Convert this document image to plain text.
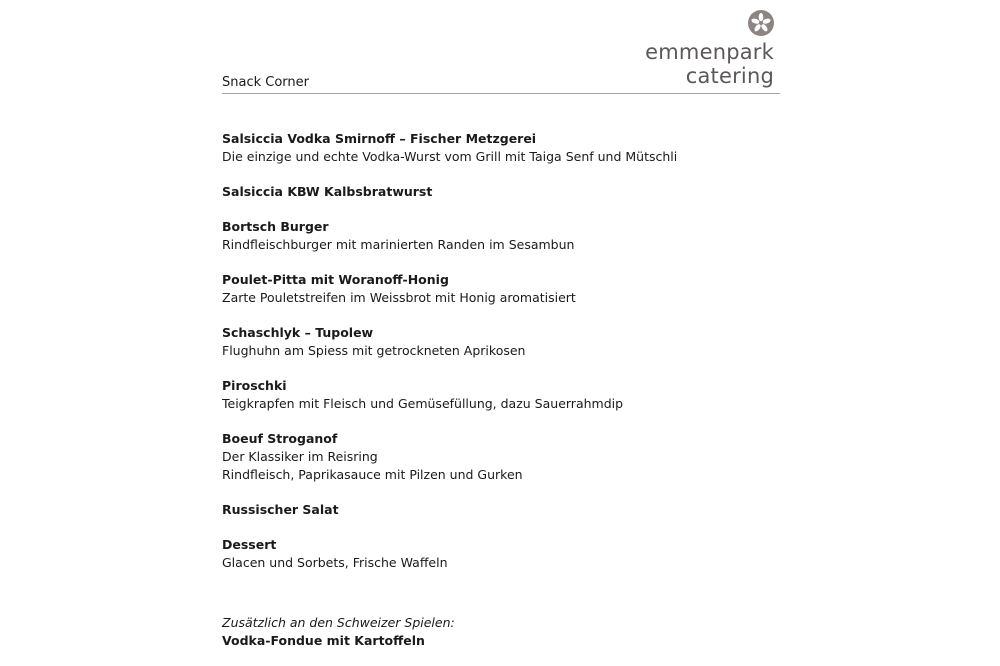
emmenpark
catering
Snack Corner
Salsiccia Vodka Smirnoff – Fischer Metzgerei
Die einzige und echte Vodka-Wurst vom Grill mit Taiga Senf und Mütschli
Salsiccia KBW Kalbsbratwurst
Bortsch Burger
Rindfleischburger mit marinierten Randen im Sesambun
Poulet-Pitta mit Woranoff-Honig
Zarte Pouletstreifen im Weissbrot mit Honig aromatisiert
Schaschlyk – Tupolew
Flughuhn am Spiess mit getrockneten Aprikosen
Piroschki
Teigkrapfen mit Fleisch und Gemüsefüllung, dazu Sauerrahmdip
Boeuf Stroganof
Der Klassiker im Reisring
Rindfleisch, Paprikasauce mit Pilzen und Gurken
Russischer Salat
Dessert
Glacen und Sorbets, Frische Waffeln
Zusätzlich an den Schweizer Spielen:
Vodka-Fondue mit Kartoffeln
